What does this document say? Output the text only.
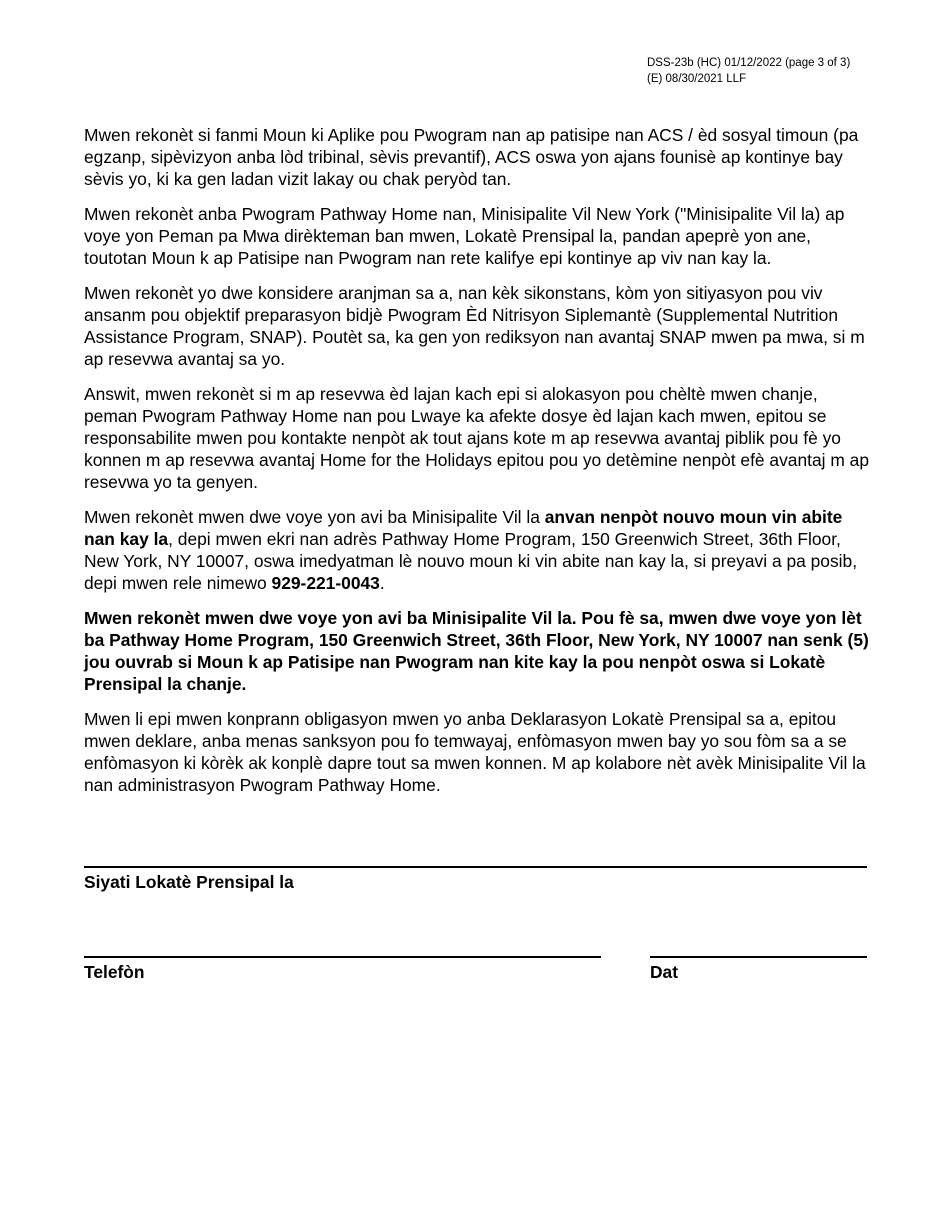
DSS-23b (HC) 01/12/2022 (page 3 of 3)
(E) 08/30/2021 LLF

Mwen rekonèt si fanmi Moun ki Aplike pou Pwogram nan ap patisipe nan ACS / èd sosyal timoun (pa egzanp, sipèvizyon anba lòd tribinal, sèvis prevantif), ACS oswa yon ajans founisè ap kontinye bay sèvis yo, ki ka gen ladan vizit lakay ou chak peryòd tan.

Mwen rekonèt anba Pwogram Pathway Home nan, Minisipalite Vil New York ("Minisipalite Vil la) ap voye yon Peman pa Mwa dirèkteman ban mwen, Lokatè Prensipal la, pandan apeprè yon ane, toutotan Moun k ap Patisipe nan Pwogram nan rete kalifye epi kontinye ap viv nan kay la.

Mwen rekonèt yo dwe konsidere aranjman sa a, nan kèk sikonstans, kòm yon sitiyasyon pou viv ansanm pou objektif preparasyon bidjè Pwogram Èd Nitrisyon Siplemantè (Supplemental Nutrition Assistance Program, SNAP). Poutèt sa, ka gen yon rediksyon nan avantaj SNAP mwen pa mwa, si m ap resevwa avantaj sa yo.

Answit, mwen rekonèt si m ap resevwa èd lajan kach epi si alokasyon pou chèltè mwen chanje, peman Pwogram Pathway Home nan pou Lwaye ka afekte dosye èd lajan kach mwen, epitou se responsabilite mwen pou kontakte nenpòt ak tout ajans kote m ap resevwa avantaj piblik pou fè yo konnen m ap resevwa avantaj Home for the Holidays epitou pou yo detèmine nenpòt efè avantaj m ap resevwa yo ta genyen.

Mwen rekonèt mwen dwe voye yon avi ba Minisipalite Vil la anvan nenpòt nouvo moun vin abite nan kay la, depi mwen ekri nan adrès Pathway Home Program, 150 Greenwich Street, 36th Floor, New York, NY 10007, oswa imedyatman lè nouvo moun ki vin abite nan kay la, si preyavi a pa posib, depi mwen rele nimewo 929-221-0043.

Mwen rekonèt mwen dwe voye yon avi ba Minisipalite Vil la. Pou fè sa, mwen dwe voye yon lèt ba Pathway Home Program, 150 Greenwich Street, 36th Floor, New York, NY 10007 nan senk (5) jou ouvrab si Moun k ap Patisipe nan Pwogram nan kite kay la pou nenpòt oswa si Lokatè Prensipal la chanje.

Mwen li epi mwen konprann obligasyon mwen yo anba Deklarasyon Lokatè Prensipal sa a, epitou mwen deklare, anba menas sanksyon pou fo temwayaj, enfòmasyon mwen bay yo sou fòm sa a se enfòmasyon ki kòrèk ak konplè dapre tout sa mwen konnen. M ap kolabore nèt avèk Minisipalite Vil la nan administrasyon Pwogram Pathway Home.

Siyati Lokatè Prensipal la
Telefòn	Dat
